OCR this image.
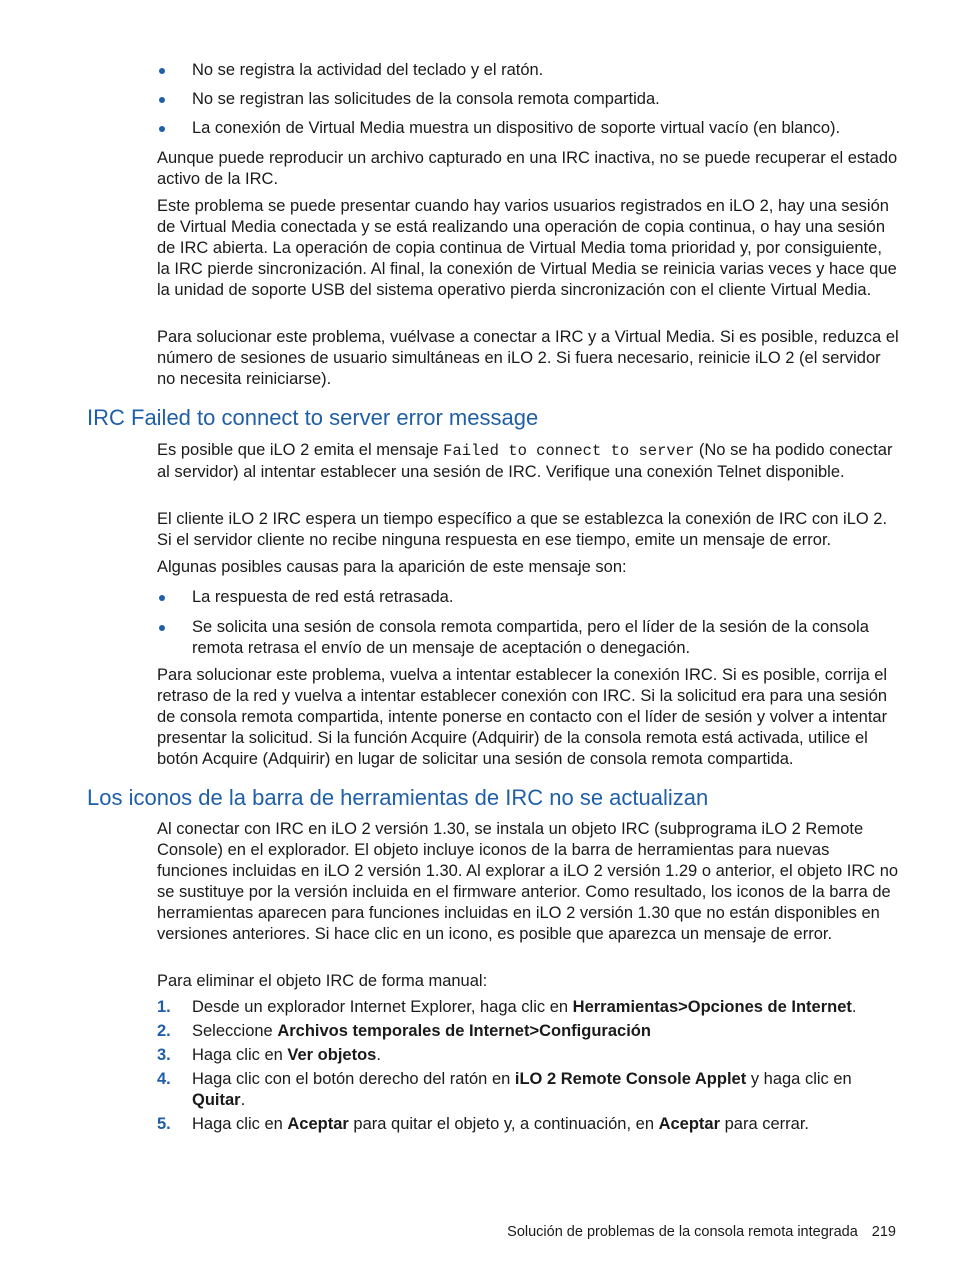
No se registra la actividad del teclado y el ratón.
No se registran las solicitudes de la consola remota compartida.
La conexión de Virtual Media muestra un dispositivo de soporte virtual vacío (en blanco).

Aunque puede reproducir un archivo capturado en una IRC inactiva, no se puede recuperar el estado activo de la IRC.

Este problema se puede presentar cuando hay varios usuarios registrados en iLO 2, hay una sesión de Virtual Media conectada y se está realizando una operación de copia continua, o hay una sesión de IRC abierta. La operación de copia continua de Virtual Media toma prioridad y, por consiguiente, la IRC pierde sincronización. Al final, la conexión de Virtual Media se reinicia varias veces y hace que la unidad de soporte USB del sistema operativo pierda sincronización con el cliente Virtual Media.

Para solucionar este problema, vuélvase a conectar a IRC y a Virtual Media. Si es posible, reduzca el número de sesiones de usuario simultáneas en iLO 2. Si fuera necesario, reinicie iLO 2 (el servidor no necesita reiniciarse).

IRC Failed to connect to server error message

Es posible que iLO 2 emita el mensaje Failed to connect to server (No se ha podido conectar al servidor) al intentar establecer una sesión de IRC. Verifique una conexión Telnet disponible.

El cliente iLO 2 IRC espera un tiempo específico a que se establezca la conexión de IRC con iLO 2. Si el servidor cliente no recibe ninguna respuesta en ese tiempo, emite un mensaje de error.

Algunas posibles causas para la aparición de este mensaje son:

La respuesta de red está retrasada.
Se solicita una sesión de consola remota compartida, pero el líder de la sesión de la consola remota retrasa el envío de un mensaje de aceptación o denegación.

Para solucionar este problema, vuelva a intentar establecer la conexión IRC. Si es posible, corrija el retraso de la red y vuelva a intentar establecer conexión con IRC. Si la solicitud era para una sesión de consola remota compartida, intente ponerse en contacto con el líder de sesión y volver a intentar presentar la solicitud. Si la función Acquire (Adquirir) de la consola remota está activada, utilice el botón Acquire (Adquirir) en lugar de solicitar una sesión de consola remota compartida.

Los iconos de la barra de herramientas de IRC no se actualizan

Al conectar con IRC en iLO 2 versión 1.30, se instala un objeto IRC (subprograma iLO 2 Remote Console) en el explorador. El objeto incluye iconos de la barra de herramientas para nuevas funciones incluidas en iLO 2 versión 1.30. Al explorar a iLO 2 versión 1.29 o anterior, el objeto IRC no se sustituye por la versión incluida en el firmware anterior. Como resultado, los iconos de la barra de herramientas aparecen para funciones incluidas en iLO 2 versión 1.30 que no están disponibles en versiones anteriores. Si hace clic en un icono, es posible que aparezca un mensaje de error.

Para eliminar el objeto IRC de forma manual:

1. Desde un explorador Internet Explorer, haga clic en Herramientas>Opciones de Internet.
2. Seleccione Archivos temporales de Internet>Configuración
3. Haga clic en Ver objetos.
4. Haga clic con el botón derecho del ratón en iLO 2 Remote Console Applet y haga clic en Quitar.
5. Haga clic en Aceptar para quitar el objeto y, a continuación, en Aceptar para cerrar.
Solución de problemas de la consola remota integrada 219
